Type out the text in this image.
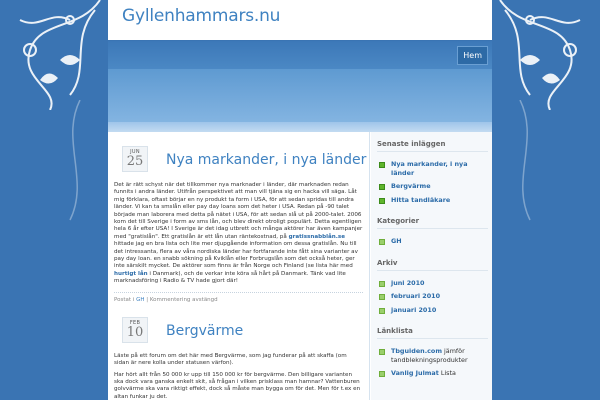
Gyllenhammars.nu
Hem
JUN
25 Nya markander, i nya länder

Det är rätt schyst när det tillkommer nya marknader i länder, där marknaden redan funnits i andra länder. Utifrån perspektivet att man vill tjäna sig en hacka vill säga. Låt mig förklara, oftast börjar en ny produkt ta form i USA, för att sedan spridas till andra länder. Vi kan ta smslån eller pay day loans som det heter i USA. Redan på -90 talet började man laborera med detta på nätet i USA, för att sedan slå ut på 2000-talet. 2006 kom det till Sverige i form av sms lån, och blev direkt otroligt populärt. Detta egentligen hela 6 år efter USA! I Sverige är det idag utbrett och många aktörer har även kampanjer med "gratislån". Ett gratislån är ett lån utan räntekostnad, på gratissnabblån.se hittade jag en bra lista och lite mer djupgående information om dessa gratislån. Nu till det intressanta, flera av våra nordiska länder har fortfarande inte fått sina varianter av pay day loan. en snabb sökning på Kviklån eller Forbrugslån som det också heter, ger inte särskilt mycket. De aktörer som finns är från Norge och Finland (se lista här med hurtigt lån i Danmark), och de verkar inte köra så hårt på Danmark. Tänk vad lite marknadsföring i Radio & TV hade gjort där!

Postat i GH | Kommentering avstängd
FEB
10 Bergvärme

Läste på ett forum om det här med Bergvärme, som jag funderar på att skaffa (om sidan är nere kolla under statusen värfon).

Har hört allt från 50 000 kr upp till 150 000 kr för bergvärme. Den billigare varianten ska dock vara ganska enkelt skit, så frågan i vilken prisklass man hamnar? Vattenburen golvvärme ska vara riktigt effekt, dock så måste man bygga om för det. Men för t.ex en altan funkar ju det.

Senaste inläggen
Nya markander, i nya länder
Bergvärme
Hitta tandläkare
Kategorier
GH
Arkiv
juni 2010
februari 2010
januari 2010
Länklista
Tbguiden.com jämför tandblekningsprodukter
Vanlig Julmat Lista
